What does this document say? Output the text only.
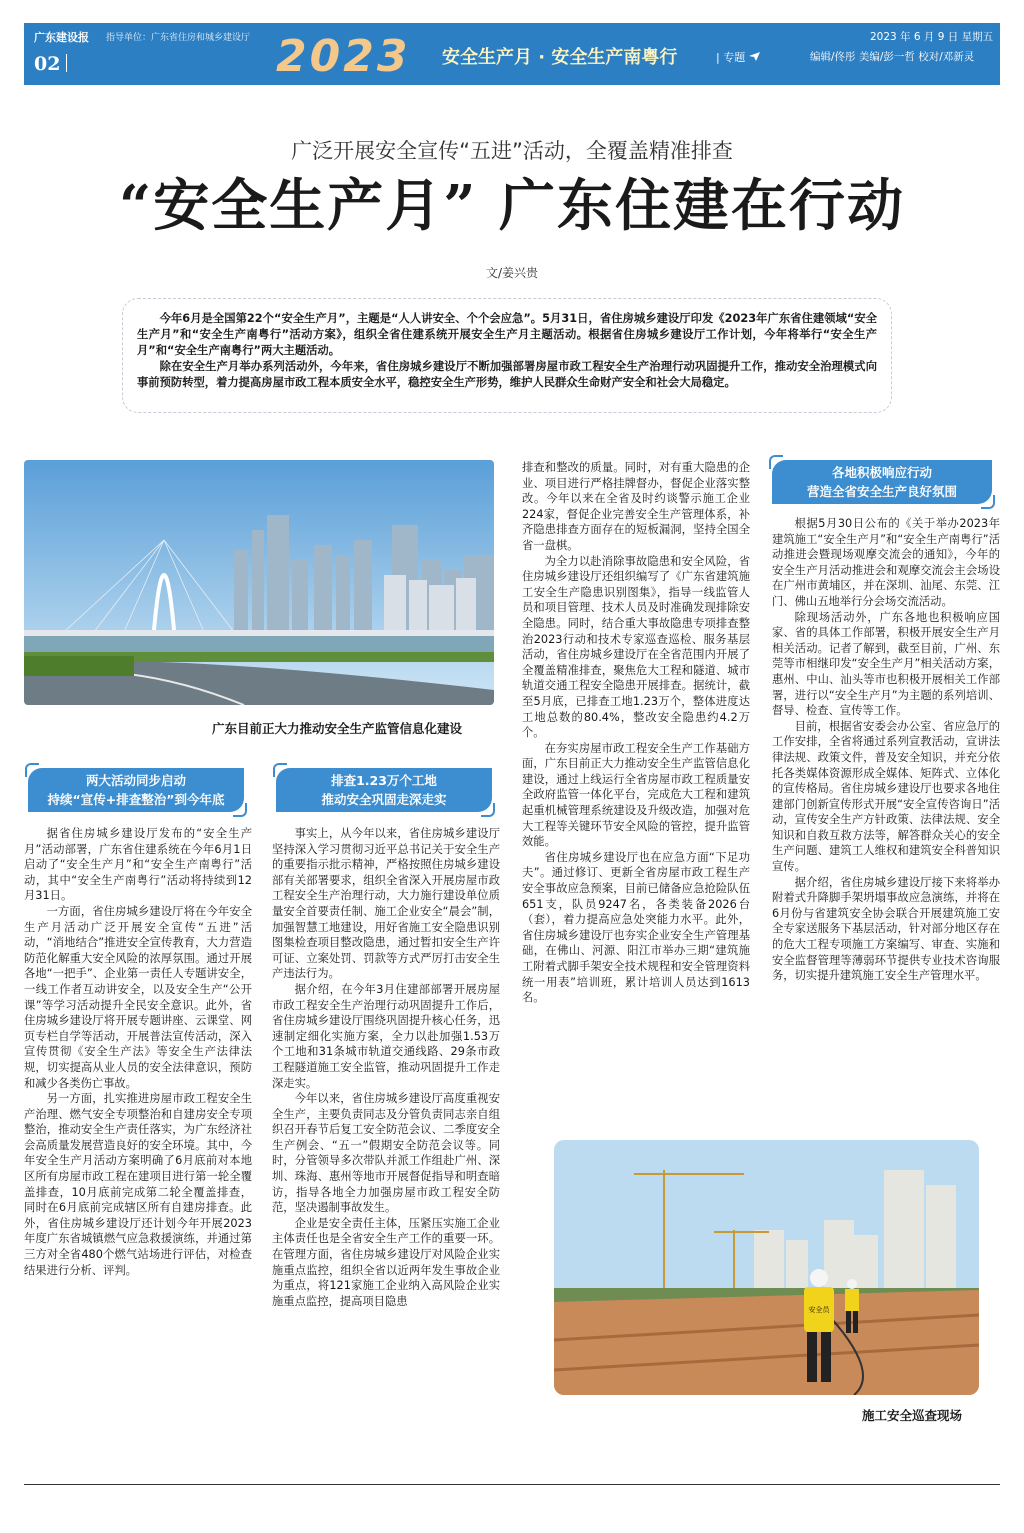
广东建设报 指导单位：广东省住房和城乡建设厅
02	2023 安全生产月 · 安全生产南粤行
|	专题
2023 年 6 月 9 日 星期五
编辑/佟彤 美编/彭一哲 校对/邓新灵
广泛开展安全宣传“五进”活动，全覆盖精准排查
“安全生产月” 广东住建在行动
文/姜兴贵

今年6月是全国第22个“安全生产月”，主题是“人人讲安全、个个会应急”。5月31日，省住房城乡建设厅印发《2023年广东省住建领域“安全生产月”和“安全生产南粤行”活动方案》，组织全省住建系统开展安全生产月主题活动。根据省住房城乡建设厅工作计划，今年将举行“安全生产月”和“安全生产南粤行”两大主题活动。

除在安全生产月举办系列活动外，今年来，省住房城乡建设厅不断加强部署房屋市政工程安全生产治理行动巩固提升工作，推动安全治理模式向事前预防转型，着力提高房屋市政工程本质安全水平，稳控安全生产形势，维护人民群众生命财产安全和社会大局稳定。

广东目前正大力推动安全生产监管信息化建设
两大活动同步启动
持续“宣传+排查整治”到今年底

据省住房城乡建设厅发布的“安全生产月”活动部署，广东省住建系统在今年6月1日启动了“安全生产月”和“安全生产南粤行”活动，其中“安全生产南粤行”活动将持续到12月31日。

一方面，省住房城乡建设厅将在今年安全生产月活动广泛开展安全宣传“五进”活动，“消地结合”推进安全宣传教育，大力营造防范化解重大安全风险的浓厚氛围。通过开展各地“一把手”、企业第一责任人专题讲安全，一线工作者互动讲安全，以及安全生产“公开课”等学习活动提升全民安全意识。此外，省住房城乡建设厅将开展专题讲座、云课堂、网页专栏自学等活动，开展普法宣传活动，深入宣传贯彻《安全生产法》等安全生产法律法规，切实提高从业人员的安全法律意识，预防和减少各类伤亡事故。

另一方面，扎实推进房屋市政工程安全生产治理、燃气安全专项整治和自建房安全专项整治，推动安全生产责任落实，为广东经济社会高质量发展营造良好的安全环境。其中，今年安全生产月活动方案明确了6月底前对本地区所有房屋市政工程在建项目进行第一轮全覆盖排查，10月底前完成第二轮全覆盖排查，同时在6月底前完成辖区所有自建房排查。此外，省住房城乡建设厅还计划今年开展2023年度广东省城镇燃气应急救援演练，并通过第三方对全省480个燃气站场进行评估，对检查结果进行分析、评判。

排查1.23万个工地
推动安全巩固走深走实

事实上，从今年以来，省住房城乡建设厅坚持深入学习贯彻习近平总书记关于安全生产的重要指示批示精神，严格按照住房城乡建设部有关部署要求，组织全省深入开展房屋市政工程安全生产治理行动，大力施行建设单位质量安全首要责任制、施工企业安全“晨会”制，加强智慧工地建设，用好省施工安全隐患识别图集检查项目整改隐患，通过暂扣安全生产许可证、立案处罚、罚款等方式严厉打击安全生产违法行为。

据介绍，在今年3月住建部部署开展房屋市政工程安全生产治理行动巩固提升工作后，省住房城乡建设厅围绕巩固提升核心任务，迅速制定细化实施方案，全力以赴加强1.53万个工地和31条城市轨道交通线路、29条市政工程隧道施工安全监管，推动巩固提升工作走深走实。

今年以来，省住房城乡建设厅高度重视安全生产，主要负责同志及分管负责同志亲自组织召开春节后复工安全防范会议、二季度安全生产例会、“五一”假期安全防范会议等。同时，分管领导多次带队并派工作组赴广州、深圳、珠海、惠州等地市开展督促指导和明查暗访，指导各地全力加强房屋市政工程安全防范，坚决遏制事故发生。

企业是安全责任主体，压紧压实施工企业主体责任也是全省安全生产工作的重要一环。在管理方面，省住房城乡建设厅对风险企业实施重点监控，组织全省以近两年发生事故企业为重点，将121家施工企业纳入高风险企业实施重点监控，提高项目隐患

排查和整改的质量。同时，对有重大隐患的企业、项目进行严格挂牌督办，督促企业落实整改。今年以来在全省及时约谈警示施工企业224家，督促企业完善安全生产管理体系，补齐隐患排查方面存在的短板漏洞，坚持全国全省一盘棋。

为全力以赴消除事故隐患和安全风险，省住房城乡建设厅还组织编写了《广东省建筑施工安全生产隐患识别图集》，指导一线监管人员和项目管理、技术人员及时准确发现排除安全隐患。同时，结合重大事故隐患专项排查整治2023行动和技术专家巡查巡检、服务基层活动，省住房城乡建设厅在全省范围内开展了全覆盖精准排查，聚焦危大工程和隧道、城市轨道交通工程安全隐患开展排查。据统计，截至5月底，已排查工地1.23万个，整体进度达工地总数的80.4%，整改安全隐患约4.2万个。

在夯实房屋市政工程安全生产工作基础方面，广东目前正大力推动安全生产监管信息化建设，通过上线运行全省房屋市政工程质量安全政府监管一体化平台，完成危大工程和建筑起重机械管理系统建设及升级改造，加强对危大工程等关键环节安全风险的管控，提升监管效能。

省住房城乡建设厅也在应急方面“下足功夫”。通过修订、更新全省房屋市政工程生产安全事故应急预案，目前已储备应急抢险队伍651支，队员9247名，各类装备2026台（套），着力提高应急处突能力水平。此外，省住房城乡建设厅也夯实企业安全生产管理基础，在佛山、河源、阳江市举办三期“建筑施工附着式脚手架安全技术规程和安全管理资料统一用表”培训班，累计培训人员达到1613名。

各地积极响应行动
营造全省安全生产良好氛围

根据5月30日公布的《关于举办2023年建筑施工“安全生产月”和“安全生产南粤行”活动推进会暨现场观摩交流会的通知》，今年的安全生产月活动推进会和观摩交流会主会场设在广州市黄埔区，并在深圳、汕尾、东莞、江门、佛山五地举行分会场交流活动。

除现场活动外，广东各地也积极响应国家、省的具体工作部署，积极开展安全生产月相关活动。记者了解到，截至目前，广州、东莞等市相继印发“安全生产月”相关活动方案，惠州、中山、汕头等市也积极开展相关工作部署，进行以“安全生产月”为主题的系列培训、督导、检查、宣传等工作。

目前，根据省安委会办公室、省应急厅的工作安排，全省将通过系列宣教活动，宣讲法律法规、政策文件，普及安全知识，并充分依托各类媒体资源形成全媒体、矩阵式、立体化的宣传格局。省住房城乡建设厅也要求各地住建部门创新宣传形式开展“安全宣传咨询日”活动，宣传安全生产方针政策、法律法规、安全知识和自救互救方法等，解答群众关心的安全生产问题、建筑工人维权和建筑安全科普知识宣传。

据介绍，省住房城乡建设厅接下来将举办附着式升降脚手架坍塌事故应急演练，并将在6月份与省建筑安全协会联合开展建筑施工安全专家送服务下基层活动，针对部分地区存在的危大工程专项施工方案编写、审查、实施和安全监督管理等薄弱环节提供专业技术咨询服务，切实提升建筑施工安全生产管理水平。

安全员
施工安全巡查现场
